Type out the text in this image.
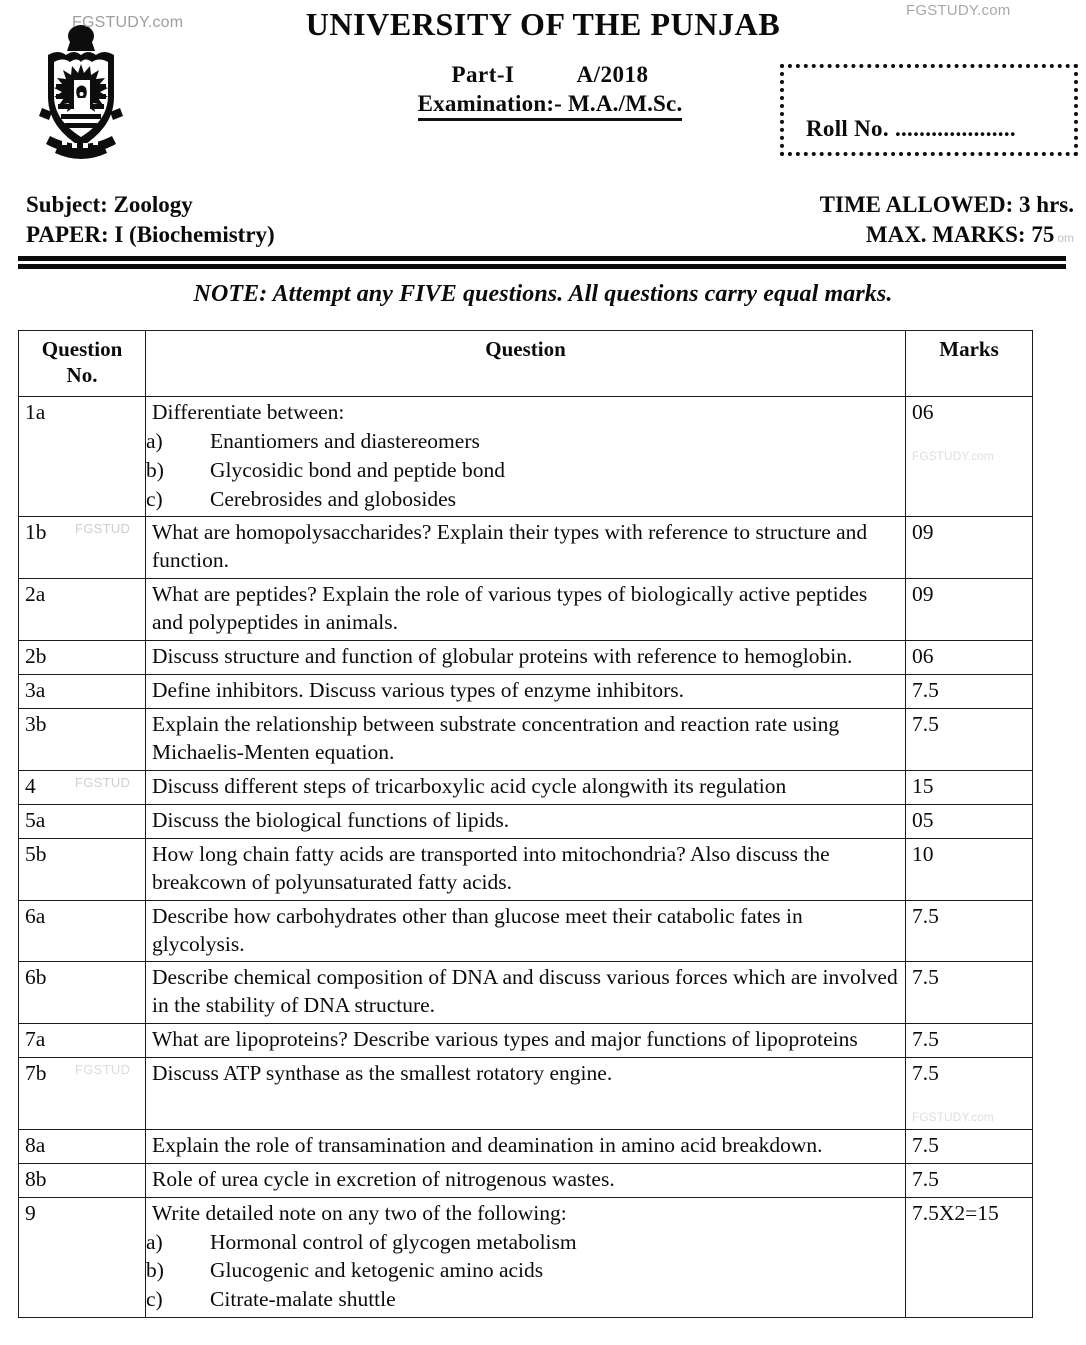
FGSTUDY.com
FGSTUDY.com
UNIVERSITY OF THE PUNJAB
Part-I	A/2018
Examination:- M.A./M.Sc.
Roll No. ....................
Subject: Zoology
PAPER: I (Biochemistry)
TIME ALLOWED: 3 hrs.
MAX. MARKS: 75 om
NOTE: Attempt any FIVE questions. All questions carry equal marks.
Question
No.	Question	Marks
1a	Differentiate between:
a) Enantiomers and diastereomers
b) Glycosidic bond and peptide bond
c) Cerebrosides and globosides
	06
FGSTUDY.com

1b FGSTUD	What are homopolysaccharides? Explain their types with reference to structure and function.	09
2a	What are peptides? Explain the role of various types of biologically active peptides and polypeptides in animals.	09
2b	Discuss structure and function of globular proteins with reference to hemoglobin.	06
3a	Define inhibitors. Discuss various types of enzyme inhibitors.	7.5
3b	Explain the relationship between substrate concentration and reaction rate using Michaelis-Menten equation.	7.5
4 FGSTUD	Discuss different steps of tricarboxylic acid cycle alongwith its regulation	15
5a	Discuss the biological functions of lipids.	05
5b	How long chain fatty acids are transported into mitochondria? Also discuss the breakcown of polyunsaturated fatty acids.	10
6a	Describe how carbohydrates other than glucose meet their catabolic fates in glycolysis.	7.5
6b	Describe chemical composition of DNA and discuss various forces which are involved in the stability of DNA structure.	7.5
7a	What are lipoproteins? Describe various types and major functions of lipoproteins	7.5
7b FGSTUD	Discuss ATP synthase as the smallest rotatory engine.	7.5
FGSTUDY.com

8a	Explain the role of transamination and deamination in amino acid breakdown.	7.5
8b	Role of urea cycle in excretion of nitrogenous wastes.	7.5
9	Write detailed note on any two of the following:
a) Hormonal control of glycogen metabolism
b) Glucogenic and ketogenic amino acids
c) Citrate-malate shuttle
	7.5X2=15
